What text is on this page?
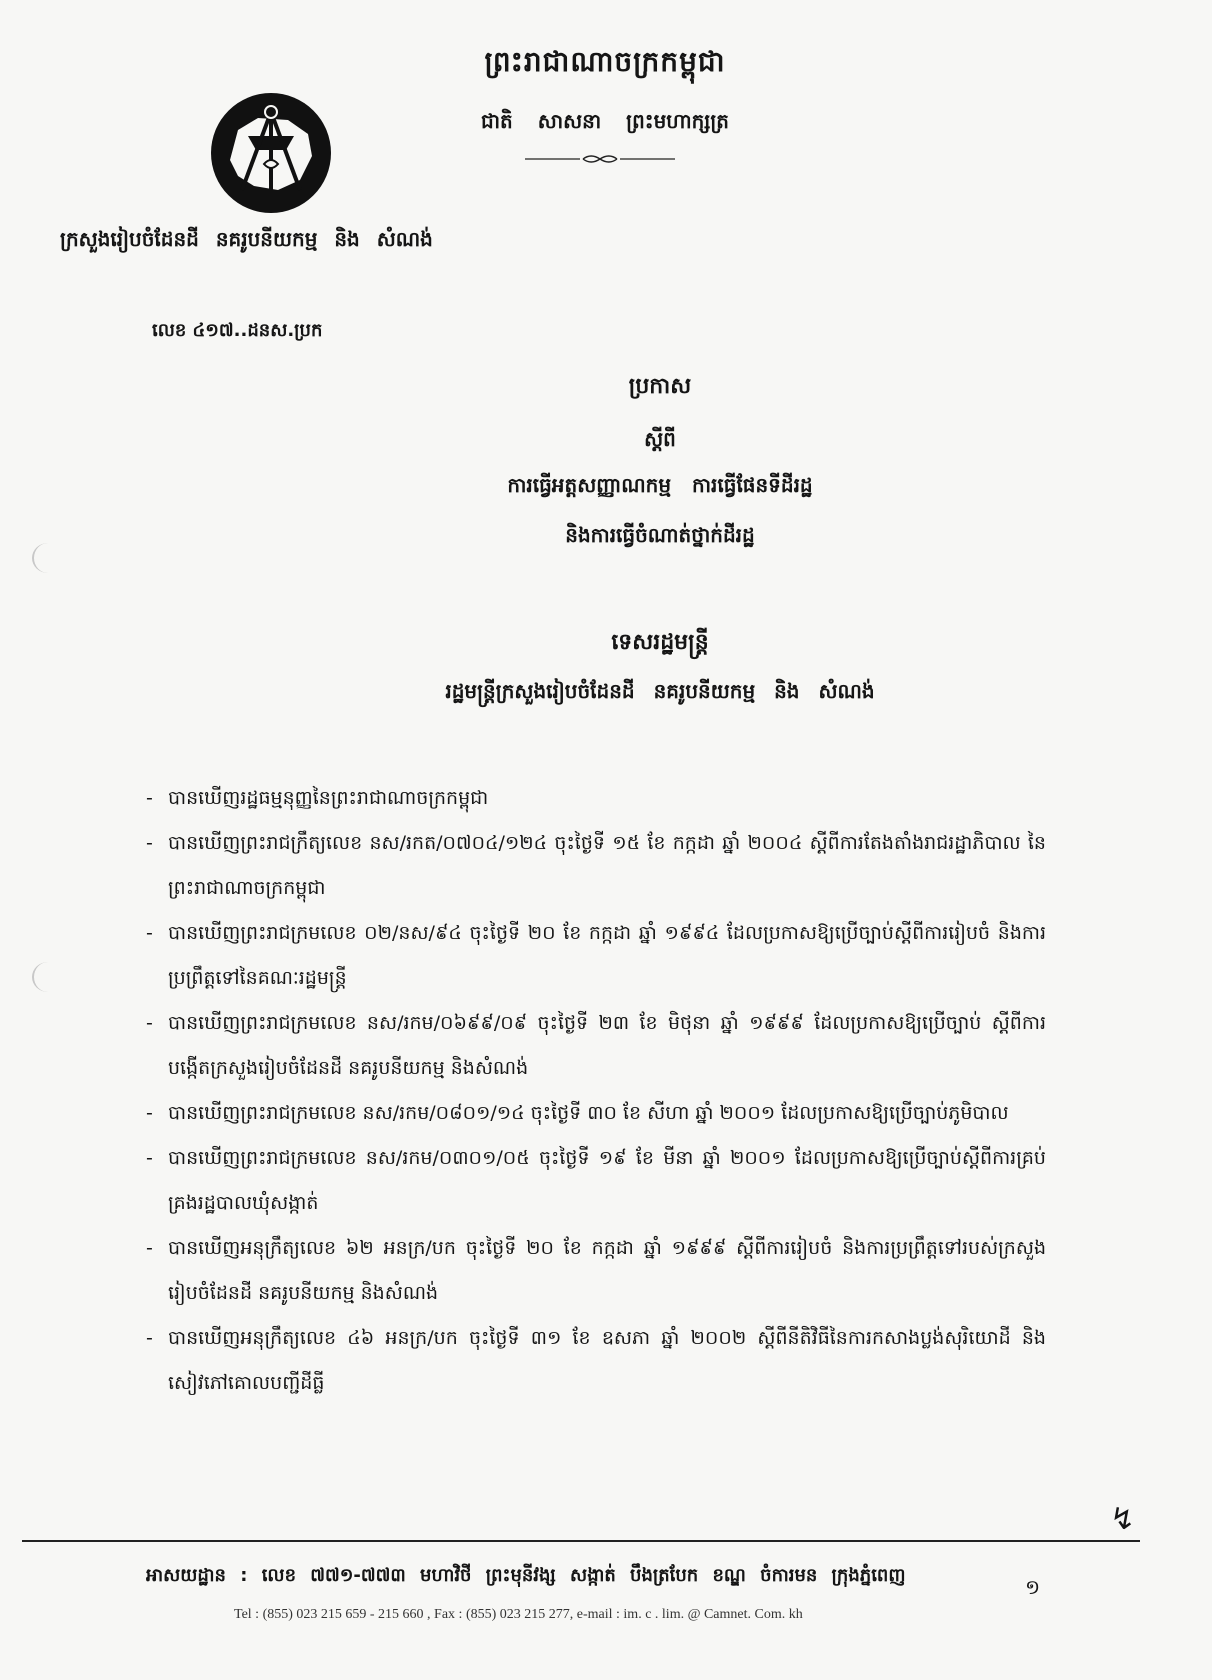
ព្រះរាជាណាចក្រកម្ពុជា
ជាតិ សាសនា ព្រះមហាក្សត្រ
ក្រសួងរៀបចំដែនដី នគរូបនីយកម្ម និង សំណង់
លេខ ៤១៧..ដនស.ប្រក
ប្រកាស
ស្ដីពី
ការធ្វើអត្តសញ្ញាណកម្ម ការធ្វើផែនទីដីរដ្ឋ
និងការធ្វើចំណាត់ថ្នាក់ដីរដ្ឋ
ទេសរដ្ឋមន្ត្រី
រដ្ឋមន្ត្រីក្រសួងរៀបចំដែនដី នគរូបនីយកម្ម និង សំណង់
- បានឃើញរដ្ឋធម្មនុញ្ញនៃព្រះរាជាណាចក្រកម្ពុជា
- បានឃើញព្រះរាជក្រឹត្យលេខ នស/រកត/០៧០៤/១២៤ ចុះថ្ងៃទី ១៥ ខែ កក្កដា ឆ្នាំ ២០០៤ ស្ដីពីការតែងតាំងរាជរដ្ឋាភិបាល នៃព្រះរាជាណាចក្រកម្ពុជា
- បានឃើញព្រះរាជក្រមលេខ ០២/នស/៩៤ ចុះថ្ងៃទី ២០ ខែ កក្កដា ឆ្នាំ ១៩៩៤ ដែលប្រកាសឱ្យប្រើច្បាប់ស្ដីពីការរៀបចំ និងការប្រព្រឹត្តទៅនៃគណៈរដ្ឋមន្ត្រី
- បានឃើញព្រះរាជក្រមលេខ នស/រកម/០៦៩៩/០៩ ចុះថ្ងៃទី ២៣ ខែ មិថុនា ឆ្នាំ ១៩៩៩ ដែលប្រកាសឱ្យប្រើច្បាប់ ស្ដីពីការបង្កើតក្រសួងរៀបចំដែនដី នគរូបនីយកម្ម និងសំណង់
- បានឃើញព្រះរាជក្រមលេខ នស/រកម/០៨០១/១៤ ចុះថ្ងៃទី ៣០ ខែ សីហា ឆ្នាំ ២០០១ ដែលប្រកាសឱ្យប្រើច្បាប់ភូមិបាល
- បានឃើញព្រះរាជក្រមលេខ នស/រកម/០៣០១/០៥ ចុះថ្ងៃទី ១៩ ខែ មីនា ឆ្នាំ ២០០១ ដែលប្រកាសឱ្យប្រើច្បាប់ស្ដីពីការគ្រប់គ្រងរដ្ឋបាលឃុំសង្កាត់
- បានឃើញអនុក្រឹត្យលេខ ៦២ អនក្រ/បក ចុះថ្ងៃទី ២០ ខែ កក្កដា ឆ្នាំ ១៩៩៩ ស្ដីពីការរៀបចំ និងការប្រព្រឹត្តទៅរបស់ក្រសួងរៀបចំដែនដី នគរូបនីយកម្ម និងសំណង់
- បានឃើញអនុក្រឹត្យលេខ ៤៦ អនក្រ/បក ចុះថ្ងៃទី ៣១ ខែ ឧសភា ឆ្នាំ ២០០២ ស្ដីពីនីតិវិធីនៃការកសាងប្លង់សុរិយោដី និងសៀវភៅគោលបញ្ជីដីធ្លី
↯
អាសយដ្ឋាន : លេខ ៧៧១-៧៧៣ មហាវិថី ព្រះមុនីវង្ស សង្កាត់ បឹងត្របែក ខណ្ឌ ចំការមន ក្រុងភ្នំពេញ	១
Tel : (855) 023 215 659 - 215 660 , Fax : (855) 023 215 277, e-mail : im. c . lim. @ Camnet. Com. kh
